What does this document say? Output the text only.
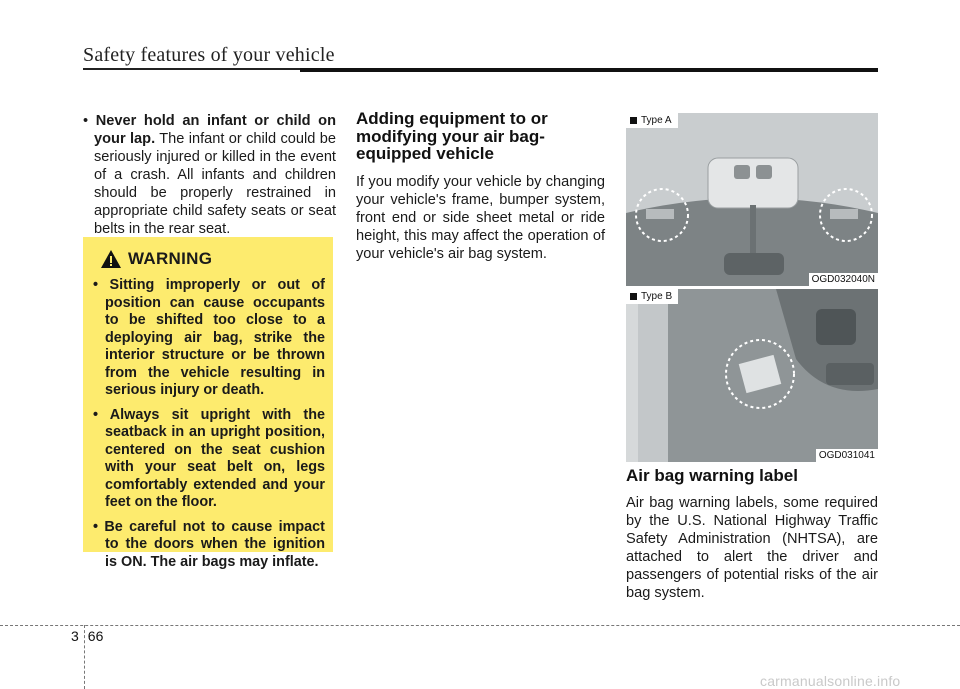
Safety features of your vehicle

• Never hold an infant or child on your lap. The infant or child could be seriously injured or killed in the event of a crash. All infants and children should be properly restrained in appropriate child safety seats or seat belts in the rear seat.

WARNING

• Sitting improperly or out of position can cause occupants to be shifted too close to a deploying air bag, strike the interior structure or be thrown from the vehicle resulting in serious injury or death.

• Always sit upright with the seatback in an upright position, centered on the seat cushion with your seat belt on, legs comfortably extended and your feet on the floor.

• Be careful not to cause impact to the doors when the ignition is ON. The air bags may inflate.

Adding equipment to or modifying your air bag-equipped vehicle

If you modify your vehicle by changing your vehicle's frame, bumper system, front end or side sheet metal or ride height, this may affect the operation of your vehicle's air bag system.

Type A
OGD032040N
Type B
OGD031041
Air bag warning label

Air bag warning labels, some required by the U.S. National Highway Traffic Safety Administration (NHTSA), are attached to alert the driver and passengers of potential risks of the air bag system.

3 66
carmanualsonline.info
